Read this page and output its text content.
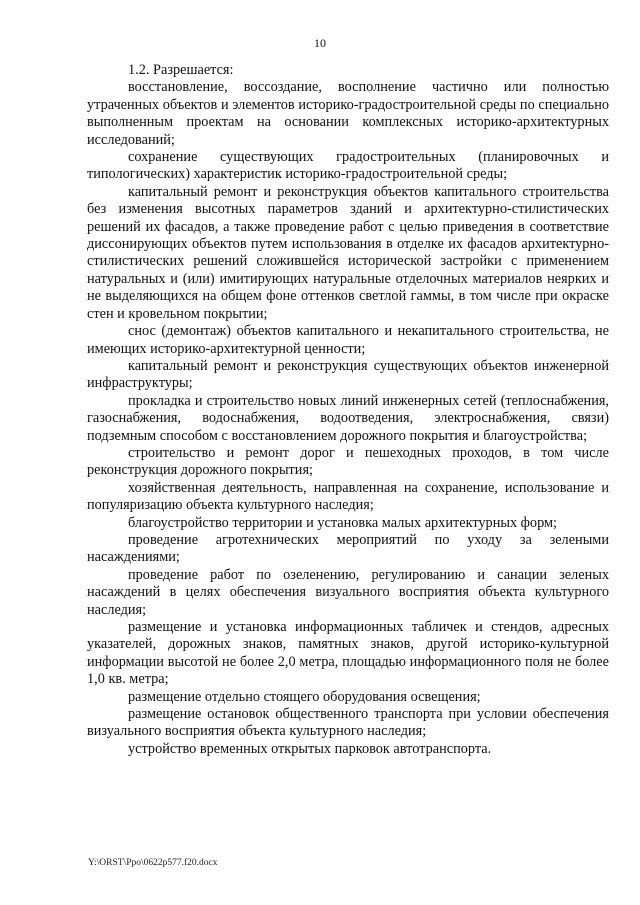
10

1.2. Разрешается:

восстановление, воссоздание, восполнение частично или полностью утраченных объектов и элементов историко-градостроительной среды по специально выполненным проектам на основании комплексных историко-архитектурных исследований;

сохранение существующих градостроительных (планировочных и типологических) характеристик историко-градостроительной среды;

капитальный ремонт и реконструкция объектов капитального строительства без изменения высотных параметров зданий и архитектурно-стилистических решений их фасадов, а также проведение работ с целью приведения в соответствие диссонирующих объектов путем использования в отделке их фасадов архитектурно-стилистических решений сложившейся исторической застройки с применением натуральных и (или) имитирующих натуральные отделочных материалов неярких и не выделяющихся на общем фоне оттенков светлой гаммы, в том числе при окраске стен и кровельном покрытии;

снос (демонтаж) объектов капитального и некапитального строительства, не имеющих историко-архитектурной ценности;

капитальный ремонт и реконструкция существующих объектов инженерной инфраструктуры;

прокладка и строительство новых линий инженерных сетей (теплоснабжения, газоснабжения, водоснабжения, водоотведения, электроснабжения, связи) подземным способом с восстановлением дорожного покрытия и благоустройства;

строительство и ремонт дорог и пешеходных проходов, в том числе реконструкция дорожного покрытия;

хозяйственная деятельность, направленная на сохранение, использование и популяризацию объекта культурного наследия;

благоустройство территории и установка малых архитектурных форм;

проведение агротехнических мероприятий по уходу за зелеными насаждениями;

проведение работ по озеленению, регулированию и санации зеленых насаждений в целях обеспечения визуального восприятия объекта культурного наследия;

размещение и установка информационных табличек и стендов, адресных указателей, дорожных знаков, памятных знаков, другой историко-культурной информации высотой не более 2,0 метра, площадью информационного поля не более 1,0 кв. метра;

размещение отдельно стоящего оборудования освещения;

размещение остановок общественного транспорта при условии обеспечения визуального восприятия объекта культурного наследия;

устройство временных открытых парковок автотранспорта.

Y:\ORST\Ppo\0622p577.f20.docx
